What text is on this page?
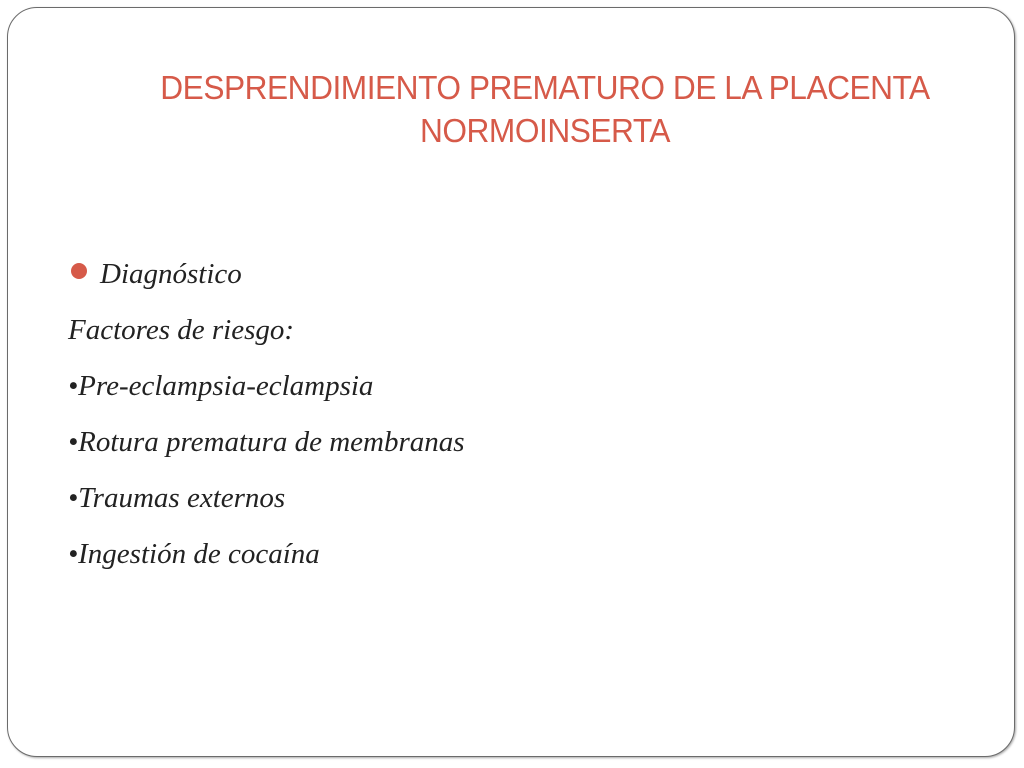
DESPRENDIMIENTO PREMATURO DE LA PLACENTA
NORMOINSERTA
Diagnóstico
Factores de riesgo:
•Pre-eclampsia-eclampsia
•Rotura prematura de membranas
•Traumas externos
•Ingestión de cocaína
